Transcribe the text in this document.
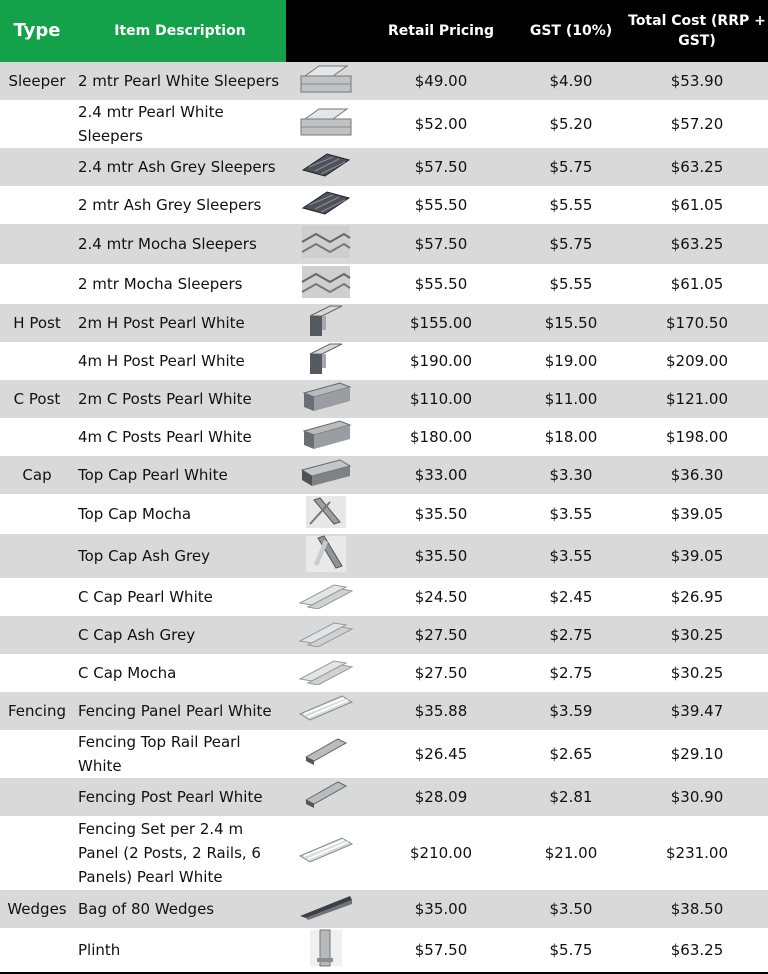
Type	Item Description		Retail Pricing	GST (10%)	Total Cost (RRP + GST)
Sleeper	2 mtr Pearl White Sleepers		$49.00	$4.90	$53.90
	2.4 mtr Pearl White Sleepers		$52.00	$5.20	$57.20
	2.4 mtr Ash Grey Sleepers		$57.50	$5.75	$63.25
	2 mtr Ash Grey Sleepers		$55.50	$5.55	$61.05
	2.4 mtr Mocha Sleepers		$57.50	$5.75	$63.25
	2 mtr Mocha Sleepers		$55.50	$5.55	$61.05
H Post	2m H Post Pearl White		$155.00	$15.50	$170.50
	4m H Post Pearl White		$190.00	$19.00	$209.00
C Post	2m C Posts Pearl White		$110.00	$11.00	$121.00
	4m C Posts Pearl White		$180.00	$18.00	$198.00
Cap	Top Cap Pearl White		$33.00	$3.30	$36.30
	Top Cap Mocha		$35.50	$3.55	$39.05
	Top Cap Ash Grey		$35.50	$3.55	$39.05
	C Cap Pearl White		$24.50	$2.45	$26.95
	C Cap Ash Grey		$27.50	$2.75	$30.25
	C Cap Mocha		$27.50	$2.75	$30.25
Fencing	Fencing Panel Pearl White		$35.88	$3.59	$39.47
	Fencing Top Rail Pearl White		$26.45	$2.65	$29.10
	Fencing Post Pearl White		$28.09	$2.81	$30.90
	Fencing Set per 2.4 m Panel (2 Posts, 2 Rails, 6 Panels) Pearl White		$210.00	$21.00	$231.00
Wedges	Bag of 80 Wedges		$35.00	$3.50	$38.50
	Plinth		$57.50	$5.75	$63.25
